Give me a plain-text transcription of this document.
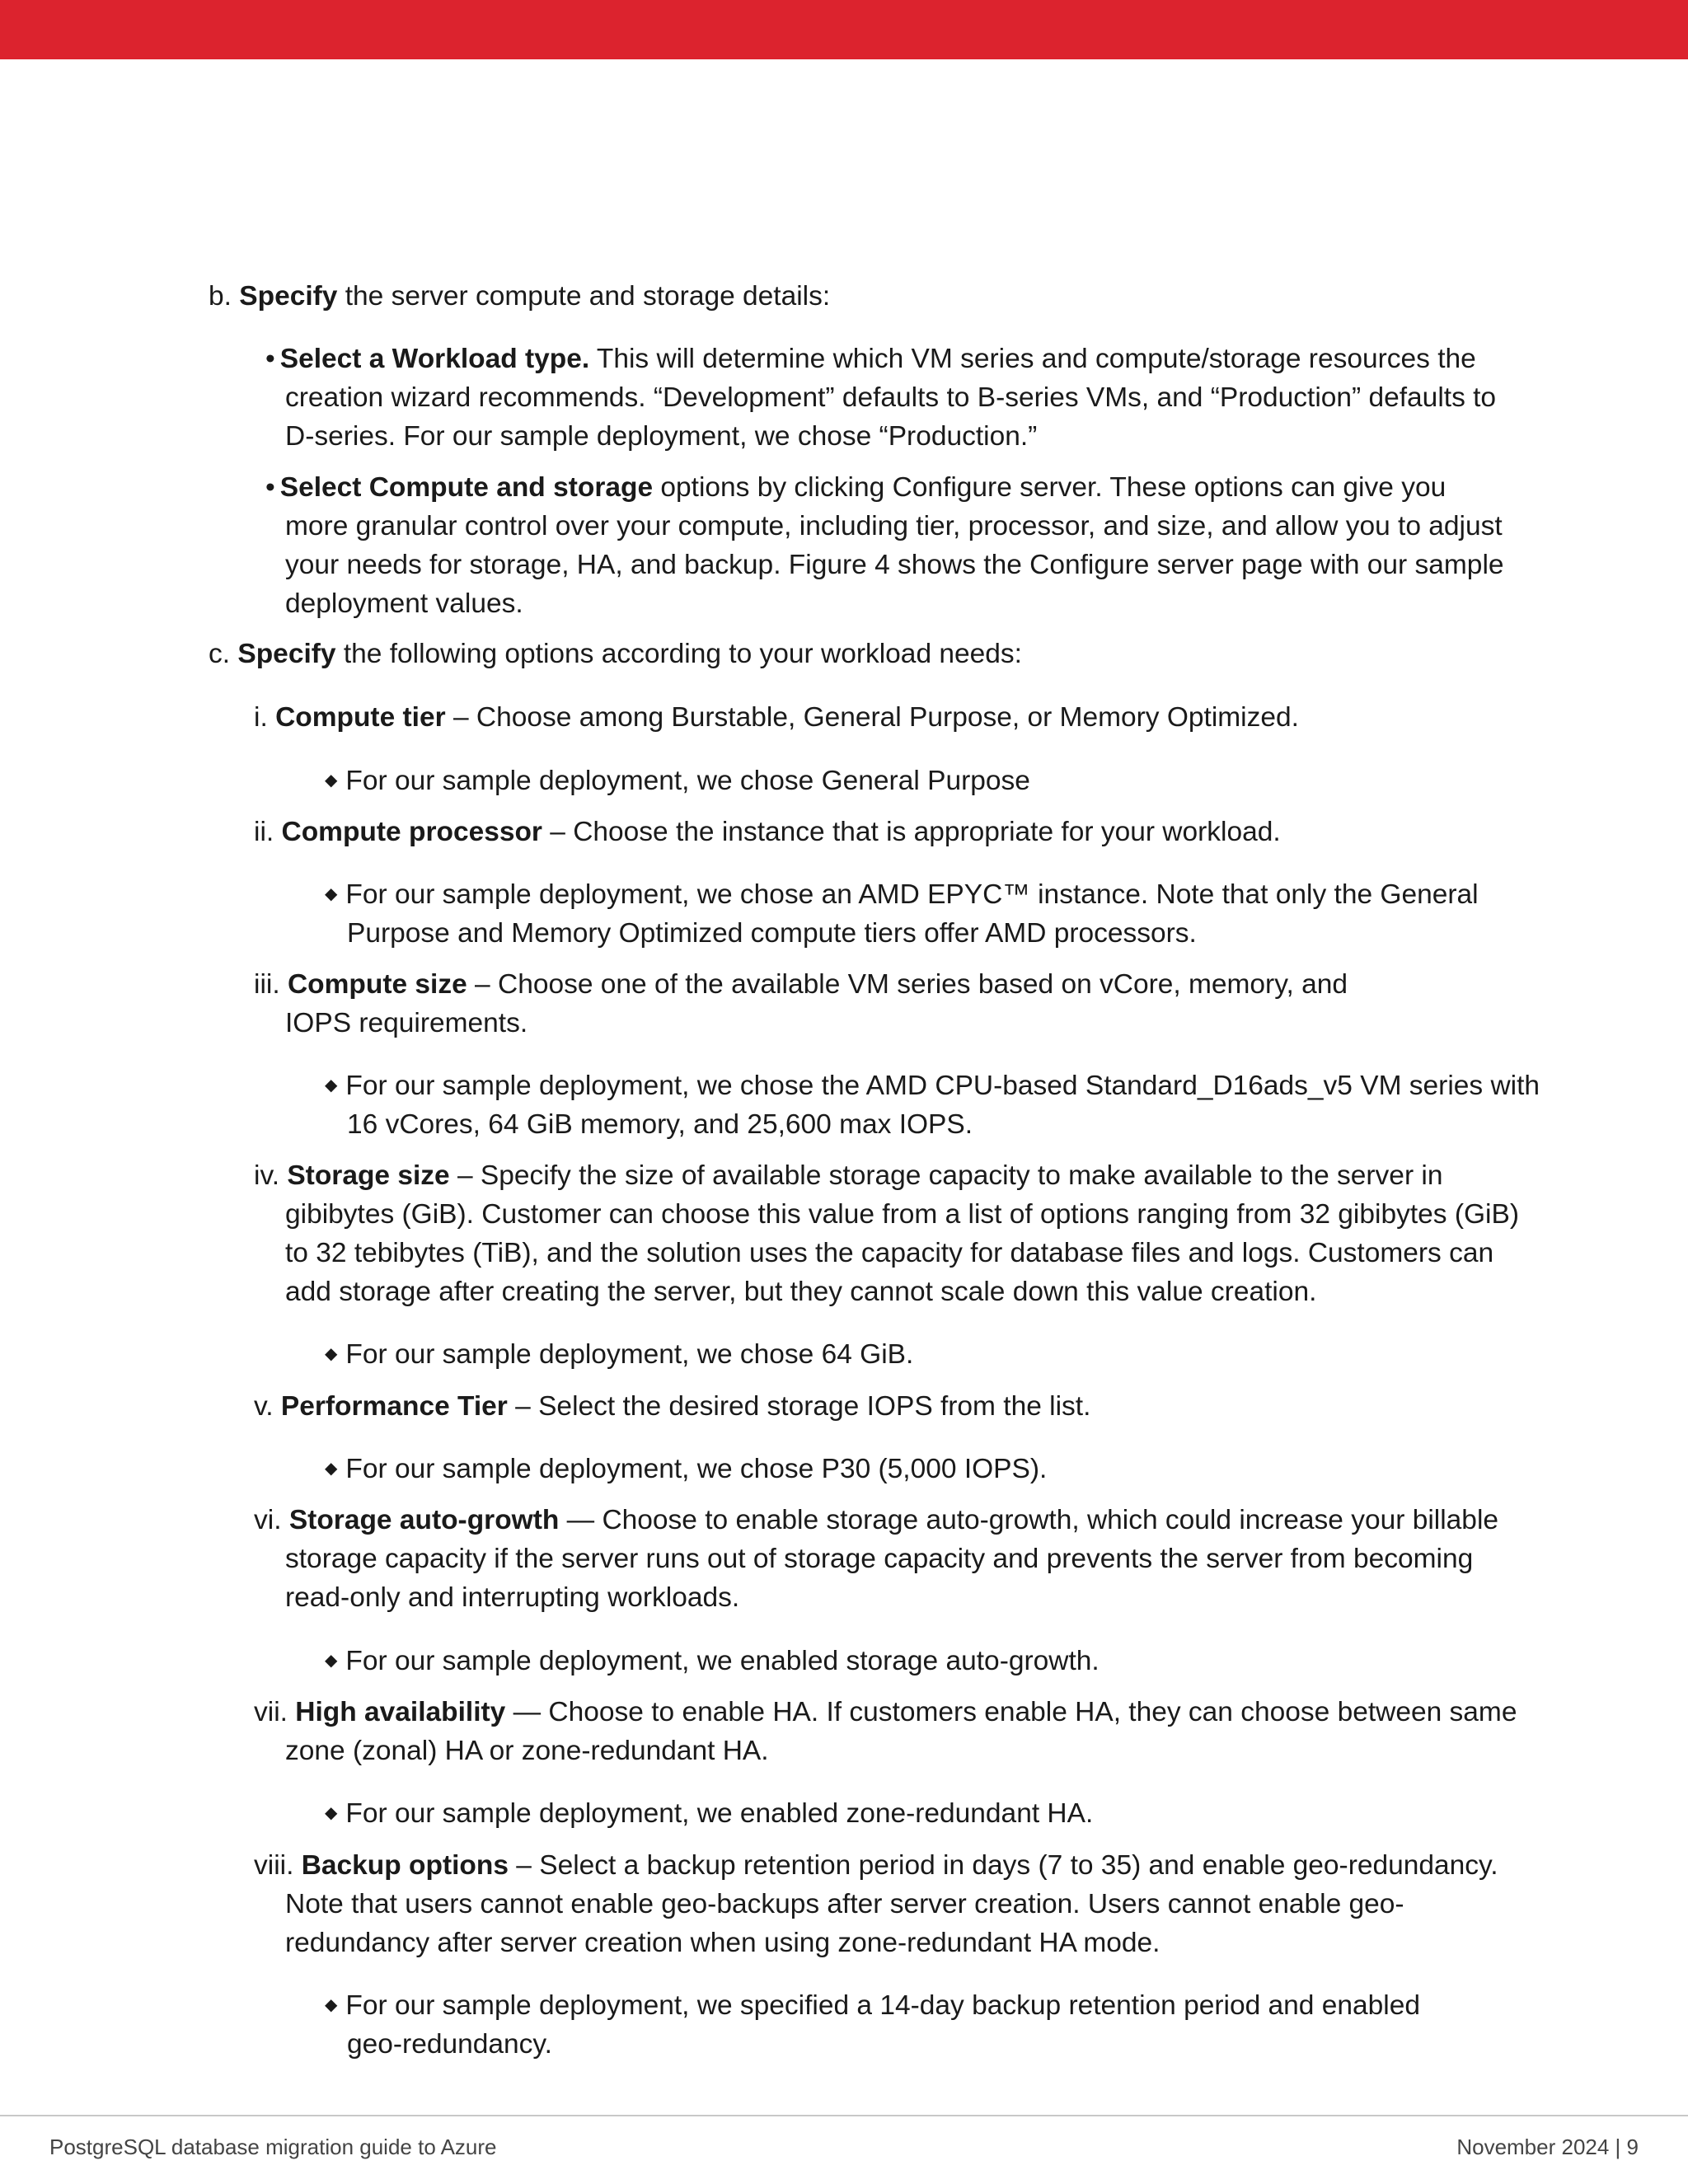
b. Specify the server compute and storage details:
• Select a Workload type. This will determine which VM series and compute/storage resources the
creation wizard recommends. “Development” defaults to B-series VMs, and “Production” defaults to
D-series. For our sample deployment, we chose “Production.”
• Select Compute and storage options by clicking Configure server. These options can give you
more granular control over your compute, including tier, processor, and size, and allow you to adjust
your needs for storage, HA, and backup. Figure 4 shows the Configure server page with our sample
deployment values.
c. Specify the following options according to your workload needs:
i. Compute tier – Choose among Burstable, General Purpose, or Memory Optimized.
◆ For our sample deployment, we chose General Purpose
ii. Compute processor – Choose the instance that is appropriate for your workload.
◆ For our sample deployment, we chose an AMD EPYC™ instance. Note that only the General
Purpose and Memory Optimized compute tiers offer AMD processors.
iii. Compute size – Choose one of the available VM series based on vCore, memory, and
IOPS requirements.
◆ For our sample deployment, we chose the AMD CPU-based Standard_D16ads_v5 VM series with
16 vCores, 64 GiB memory, and 25,600 max IOPS.
iv. Storage size – Specify the size of available storage capacity to make available to the server in
gibibytes (GiB). Customer can choose this value from a list of options ranging from 32 gibibytes (GiB)
to 32 tebibytes (TiB), and the solution uses the capacity for database files and logs. Customers can
add storage after creating the server, but they cannot scale down this value creation.
◆ For our sample deployment, we chose 64 GiB.
v. Performance Tier – Select the desired storage IOPS from the list.
◆ For our sample deployment, we chose P30 (5,000 IOPS).
vi. Storage auto-growth — Choose to enable storage auto-growth, which could increase your billable
storage capacity if the server runs out of storage capacity and prevents the server from becoming
read-only and interrupting workloads.
◆ For our sample deployment, we enabled storage auto-growth.
vii. High availability — Choose to enable HA. If customers enable HA, they can choose between same
zone (zonal) HA or zone-redundant HA.
◆ For our sample deployment, we enabled zone-redundant HA.
viii. Backup options – Select a backup retention period in days (7 to 35) and enable geo-redundancy.
Note that users cannot enable geo-backups after server creation. Users cannot enable geo-
redundancy after server creation when using zone-redundant HA mode.
◆ For our sample deployment, we specified a 14-day backup retention period and enabled
geo-redundancy.
PostgreSQL database migration guide to Azure	November 2024 | 9
